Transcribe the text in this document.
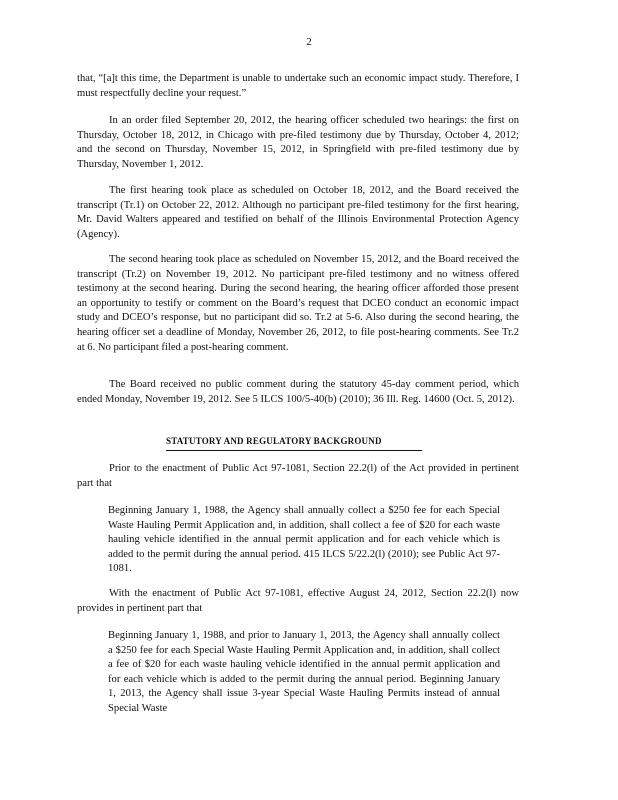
2

that, “[a]t this time, the Department is unable to undertake such an economic impact study. Therefore, I must respectfully decline your request.”

In an order filed September 20, 2012, the hearing officer scheduled two hearings: the first on Thursday, October 18, 2012, in Chicago with pre-filed testimony due by Thursday, October 4, 2012; and the second on Thursday, November 15, 2012, in Springfield with pre-filed testimony due by Thursday, November 1, 2012.

The first hearing took place as scheduled on October 18, 2012, and the Board received the transcript (Tr.1) on October 22, 2012. Although no participant pre-filed testimony for the first hearing, Mr. David Walters appeared and testified on behalf of the Illinois Environmental Protection Agency (Agency).

The second hearing took place as scheduled on November 15, 2012, and the Board received the transcript (Tr.2) on November 19, 2012. No participant pre-filed testimony and no witness offered testimony at the second hearing. During the second hearing, the hearing officer afforded those present an opportunity to testify or comment on the Board’s request that DCEO conduct an economic impact study and DCEO’s response, but no participant did so. Tr.2 at 5-6. Also during the second hearing, the hearing officer set a deadline of Monday, November 26, 2012, to file post-hearing comments. See Tr.2 at 6. No participant filed a post-hearing comment.

The Board received no public comment during the statutory 45-day comment period, which ended Monday, November 19, 2012. See 5 ILCS 100/5-40(b) (2010); 36 Ill. Reg. 14600 (Oct. 5, 2012).

STATUTORY AND REGULATORY BACKGROUND

Prior to the enactment of Public Act 97-1081, Section 22.2(l) of the Act provided in pertinent part that

Beginning January 1, 1988, the Agency shall annually collect a $250 fee for each Special Waste Hauling Permit Application and, in addition, shall collect a fee of $20 for each waste hauling vehicle identified in the annual permit application and for each vehicle which is added to the permit during the annual period. 415 ILCS 5/22.2(l) (2010); see Public Act 97-1081.

With the enactment of Public Act 97-1081, effective August 24, 2012, Section 22.2(l) now provides in pertinent part that

Beginning January 1, 1988, and prior to January 1, 2013, the Agency shall annually collect a $250 fee for each Special Waste Hauling Permit Application and, in addition, shall collect a fee of $20 for each waste hauling vehicle identified in the annual permit application and for each vehicle which is added to the permit during the annual period. Beginning January 1, 2013, the Agency shall issue 3-year Special Waste Hauling Permits instead of annual Special Waste
